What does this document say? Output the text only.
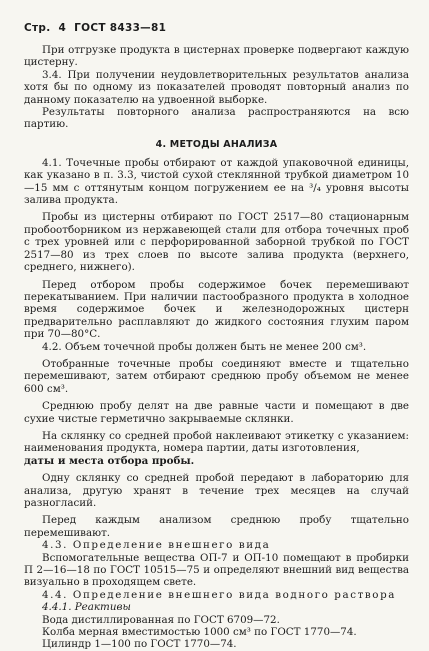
Стр. 4 ГОСТ 8433—81

При отгрузке продукта в цистернах проверке подвергают каждую цистерну.

3.4. При получении неудовлетворительных результатов анализа хотя бы по одному из показателей проводят повторный анализ по данному показателю на удвоенной выборке.

Результаты повторного анализа распространяются на всю партию.

4. МЕТОДЫ АНАЛИЗА

4.1. Точечные пробы отбирают от каждой упаковочной единицы, как указано в п. 3.3, чистой сухой стеклянной трубкой диаметром 10—15 мм с оттянутым концом погружением ее на ³/₄ уровня высоты залива продукта.

Пробы из цистерны отбирают по ГОСТ 2517—80 стационарным пробоотборником из нержавеющей стали для отбора точечных проб с трех уровней или с перфорированной заборной трубкой по ГОСТ 2517—80 из трех слоев по высоте залива продукта (верхнего, среднего, нижнего).

Перед отбором пробы содержимое бочек перемешивают перекатыванием. При наличии пастообразного продукта в холодное время содержимое бочек и железнодорожных цистерн предварительно расплавляют до жидкого состояния глухим паром при 70—80°С.

4.2. Объем точечной пробы должен быть не менее 200 см³.

Отобранные точечные пробы соединяют вместе и тщательно перемешивают, затем отбирают среднюю пробу объемом не менее 600 см³.

Среднюю пробу делят на две равные части и помещают в две сухие чистые герметично закрываемые склянки.

На склянку со средней пробой наклеивают этикетку с указанием: наименования продукта, номера партии, даты изготовления,

даты и места отбора пробы.

Одну склянку со средней пробой передают в лабораторию для анализа, другую хранят в течение трех месяцев на случай разногласий.

Перед каждым анализом среднюю пробу тщательно перемешивают.

4.3. Определение внешнего вида

Вспомогательные вещества ОП-7 и ОП-10 помещают в пробирки П 2—16—18 по ГОСТ 10515—75 и определяют внешний вид вещества визуально в проходящем свете.

4.4. Определение внешнего вида водного раствора

4.4.1. Реактивы

Вода дистиллированная по ГОСТ 6709—72.

Колба мерная вместимостью 1000 см³ по ГОСТ 1770—74.

Цилиндр 1—100 по ГОСТ 1770—74.
